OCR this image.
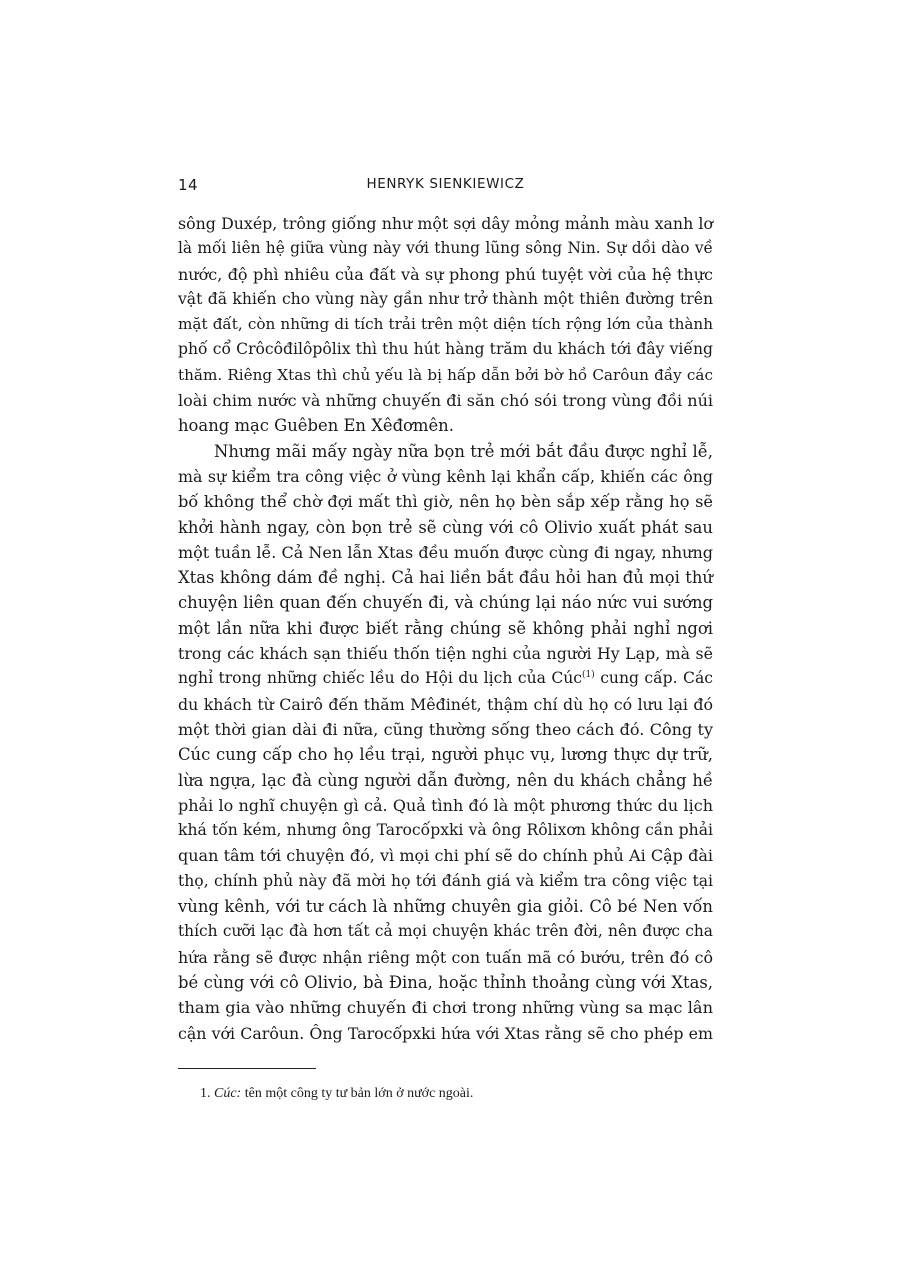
14	HENRYK SIENKIEWICZ
sông Duxép, trông giống như một sợi dây mỏng mảnh màu xanh lơ
là mối liên hệ giữa vùng này với thung lũng sông Nin. Sự dồi dào về
nước, độ phì nhiêu của đất và sự phong phú tuyệt vời của hệ thực
vật đã khiến cho vùng này gần như trở thành một thiên đường trên
mặt đất, còn những di tích trải trên một diện tích rộng lớn của thành
phố cổ Crôcôđilôpôlix thì thu hút hàng trăm du khách tới đây viếng
thăm. Riêng Xtas thì chủ yếu là bị hấp dẫn bởi bờ hồ Carôun đầy các
loài chim nước và những chuyến đi săn chó sói trong vùng đồi núi
hoang mạc Guêben En Xêđơmên.
Nhưng mãi mấy ngày nữa bọn trẻ mới bắt đầu được nghỉ lễ,
mà sự kiểm tra công việc ở vùng kênh lại khẩn cấp, khiến các ông
bố không thể chờ đợi mất thì giờ, nên họ bèn sắp xếp rằng họ sẽ
khởi hành ngay, còn bọn trẻ sẽ cùng với cô Olivio xuất phát sau
một tuần lễ. Cả Nen lẫn Xtas đều muốn được cùng đi ngay, nhưng
Xtas không dám đề nghị. Cả hai liền bắt đầu hỏi han đủ mọi thứ
chuyện liên quan đến chuyến đi, và chúng lại náo nức vui sướng
một lần nữa khi được biết rằng chúng sẽ không phải nghỉ ngơi
trong các khách sạn thiếu thốn tiện nghi của người Hy Lạp, mà sẽ
nghỉ trong những chiếc lều do Hội du lịch của Cúc$^{(1)}$ cung cấp. Các
du khách từ Cairô đến thăm Mêđinét, thậm chí dù họ có lưu lại đó
một thời gian dài đi nữa, cũng thường sống theo cách đó. Công ty
Cúc cung cấp cho họ lều trại, người phục vụ, lương thực dự trữ,
lừa ngựa, lạc đà cùng người dẫn đường, nên du khách chẳng hề
phải lo nghĩ chuyện gì cả. Quả tình đó là một phương thức du lịch
khá tốn kém, nhưng ông Tarocốpxki và ông Rôlixơn không cần phải
quan tâm tới chuyện đó, vì mọi chi phí sẽ do chính phủ Ai Cập đài
thọ, chính phủ này đã mời họ tới đánh giá và kiểm tra công việc tại
vùng kênh, với tư cách là những chuyên gia giỏi. Cô bé Nen vốn
thích cưỡi lạc đà hơn tất cả mọi chuyện khác trên đời, nên được cha
hứa rằng sẽ được nhận riêng một con tuấn mã có bướu, trên đó cô
bé cùng với cô Olivio, bà Đina, hoặc thỉnh thoảng cùng với Xtas,
tham gia vào những chuyến đi chơi trong những vùng sa mạc lân
cận với Carôun. Ông Tarocốpxki hứa với Xtas rằng sẽ cho phép em
1. Cúc: tên một công ty tư bản lớn ở nước ngoài.
